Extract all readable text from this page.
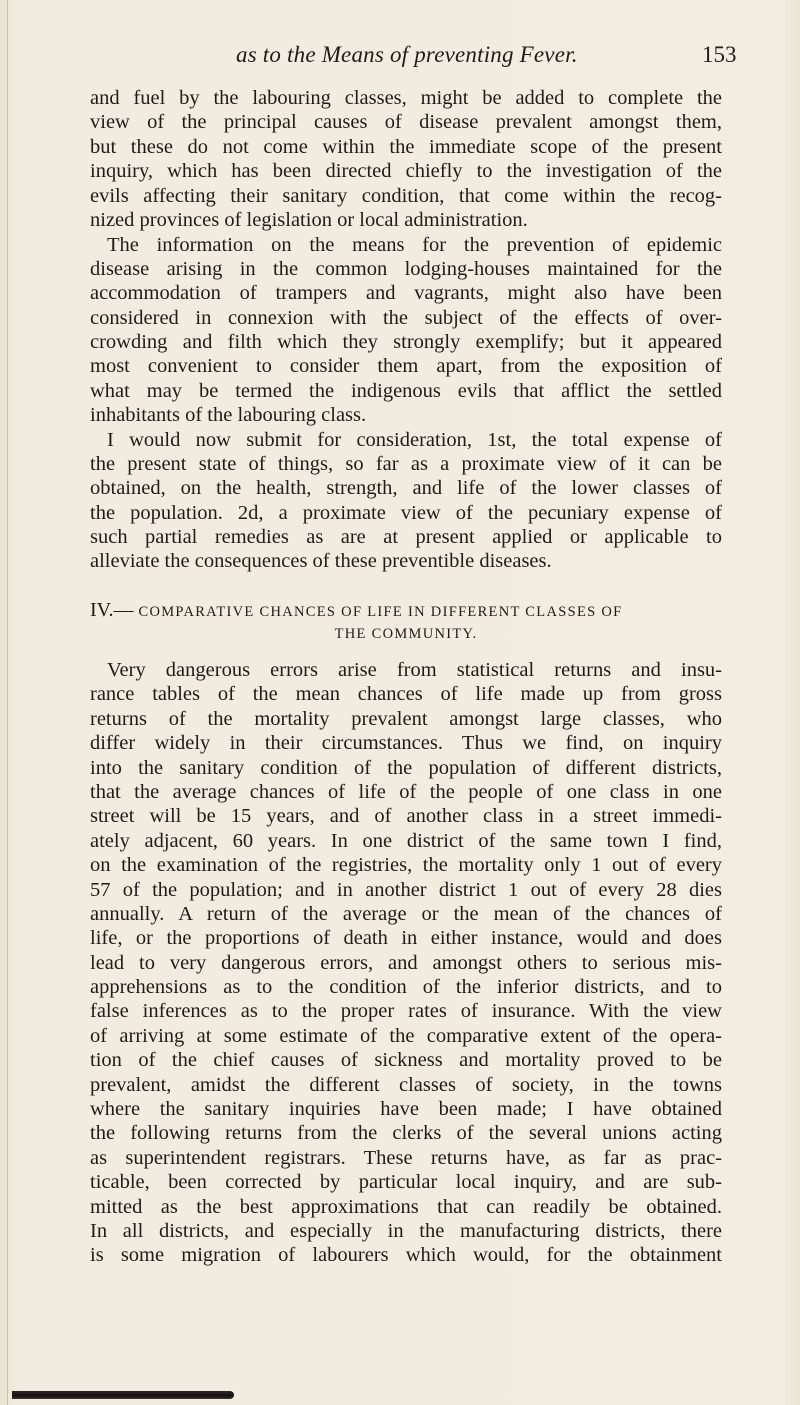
as to the Means of preventing Fever.	153
and fuel by the labouring classes, might be added to complete the
view of the principal causes of disease prevalent amongst them,
but these do not come within the immediate scope of the present
inquiry, which has been directed chiefly to the investigation of the
evils affecting their sanitary condition, that come within the recog-
nized provinces of legislation or local administration.
The information on the means for the prevention of epidemic
disease arising in the common lodging-houses maintained for the
accommodation of trampers and vagrants, might also have been
considered in connexion with the subject of the effects of over-
crowding and filth which they strongly exemplify; but it appeared
most convenient to consider them apart, from the exposition of
what may be termed the indigenous evils that afflict the settled
inhabitants of the labouring class.
I would now submit for consideration, 1st, the total expense of
the present state of things, so far as a proximate view of it can be
obtained, on the health, strength, and life of the lower classes of
the population. 2d, a proximate view of the pecuniary expense of
such partial remedies as are at present applied or applicable to
alleviate the consequences of these preventible diseases.
IV.— COMPARATIVE CHANCES OF LIFE IN DIFFERENT CLASSES OF
THE COMMUNITY.
Very dangerous errors arise from statistical returns and insu-
rance tables of the mean chances of life made up from gross
returns of the mortality prevalent amongst large classes, who
differ widely in their circumstances. Thus we find, on inquiry
into the sanitary condition of the population of different districts,
that the average chances of life of the people of one class in one
street will be 15 years, and of another class in a street immedi-
ately adjacent, 60 years. In one district of the same town I find,
on the examination of the registries, the mortality only 1 out of every
57 of the population; and in another district 1 out of every 28 dies
annually. A return of the average or the mean of the chances of
life, or the proportions of death in either instance, would and does
lead to very dangerous errors, and amongst others to serious mis-
apprehensions as to the condition of the inferior districts, and to
false inferences as to the proper rates of insurance. With the view
of arriving at some estimate of the comparative extent of the opera-
tion of the chief causes of sickness and mortality proved to be
prevalent, amidst the different classes of society, in the towns
where the sanitary inquiries have been made; I have obtained
the following returns from the clerks of the several unions acting
as superintendent registrars. These returns have, as far as prac-
ticable, been corrected by particular local inquiry, and are sub-
mitted as the best approximations that can readily be obtained.
In all districts, and especially in the manufacturing districts, there
is some migration of labourers which would, for the obtainment
